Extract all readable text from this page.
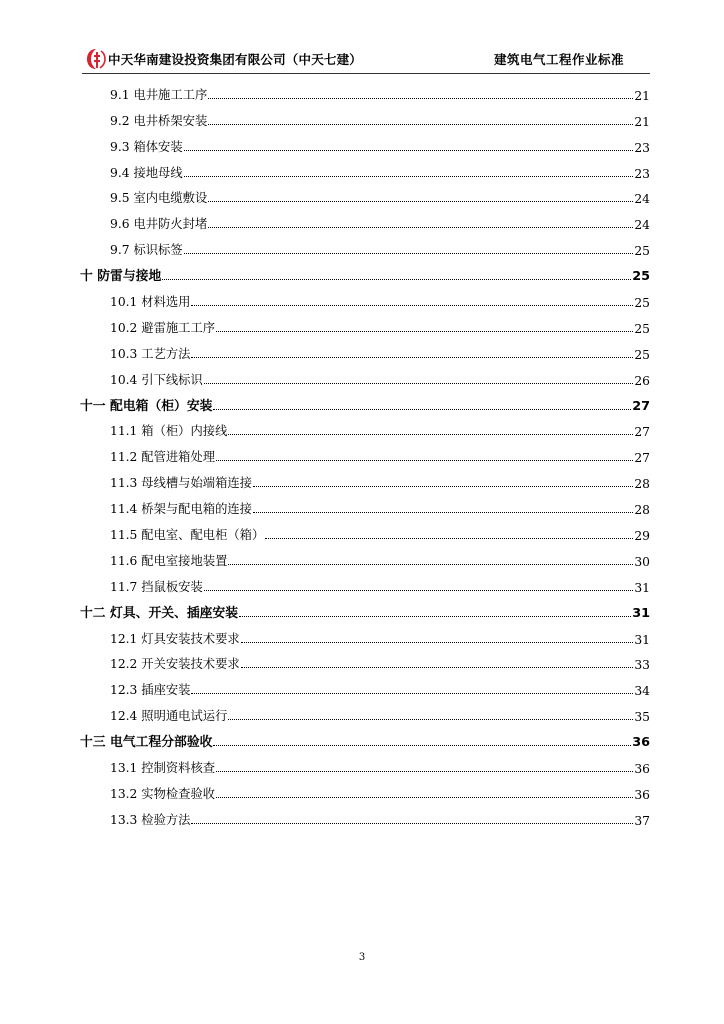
中天华南建设投资集团有限公司（中天七建）	建筑电气工程作业标准
9.1 电井施工工序	21
9.2 电井桥架安装	21
9.3 箱体安装	23
9.4 接地母线	23
9.5 室内电缆敷设	24
9.6 电井防火封堵	24
9.7 标识标签	25
十 防雷与接地	25
10.1 材料选用	25
10.2 避雷施工工序	25
10.3 工艺方法	25
10.4 引下线标识	26
十一 配电箱（柜）安装	27
11.1 箱（柜）内接线	27
11.2 配管进箱处理	27
11.3 母线槽与始端箱连接	28
11.4 桥架与配电箱的连接	28
11.5 配电室、配电柜（箱）	29
11.6 配电室接地装置	30
11.7 挡鼠板安装	31
十二 灯具、开关、插座安装	31
12.1 灯具安装技术要求	31
12.2 开关安装技术要求	33
12.3 插座安装	34
12.4 照明通电试运行	35
十三 电气工程分部验收	36
13.1 控制资料核查	36
13.2 实物检查验收	36
13.3 检验方法	37
3
